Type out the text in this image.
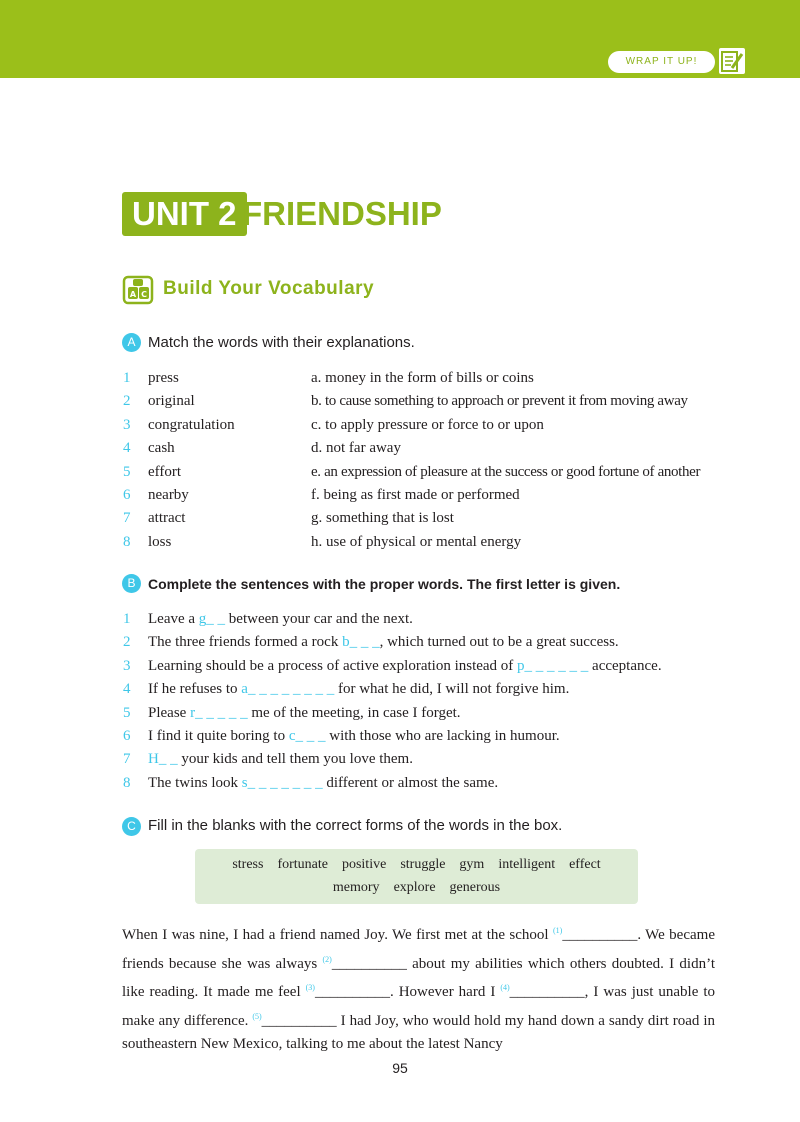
WRAP IT UP!
UNIT 2 FRIENDSHIP
A C Build Your Vocabulary
A Match the words with their explanations.
1 press	a. money in the form of bills or coins
2 original	b. to cause something to approach or prevent it from moving away
3 congratulation	c. to apply pressure or force to or upon
4 cash	d. not far away
5 effort	e. an expression of pleasure at the success or good fortune of another
6 nearby	f. being as first made or performed
7 attract	g. something that is lost
8 loss	h. use of physical or mental energy
B Complete the sentences with the proper words. The first letter is given.
1 Leave a g_ _ between your car and the next.
2 The three friends formed a rock b_ _ _, which turned out to be a great success.
3 Learning should be a process of active exploration instead of p_ _ _ _ _ _ acceptance.
4 If he refuses to a_ _ _ _ _ _ _ _ for what he did, I will not forgive him.
5 Please r_ _ _ _ _ me of the meeting, in case I forget.
6 I find it quite boring to c_ _ _ with those who are lacking in humour.
7 H_ _ your kids and tell them you love them.
8 The twins look s_ _ _ _ _ _ _ different or almost the same.
C Fill in the blanks with the correct forms of the words in the box.
stress fortunate positive struggle gym intelligent effect
memory explore generous
When I was nine, I had a friend named Joy. We first met at the school $^{(1)}$__________. We became friends because she was always $^{(2)}$__________ about my abilities which others doubted. I didn’t like reading. It made me feel $^{(3)}$__________. However hard I $^{(4)}$__________, I was just unable to make any difference. $^{(5)}$__________ I had Joy, who would hold my hand down a sandy dirt road in southeastern New Mexico, talking to me about the latest Nancy
95
